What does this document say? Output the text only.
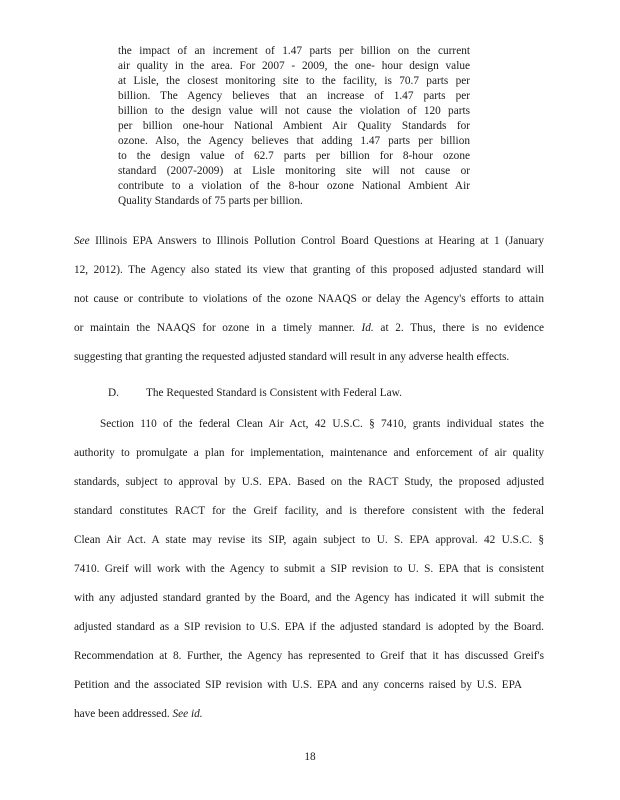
the impact of an increment of 1.47 parts per billion on the current
air quality in the area. For 2007 - 2009, the one- hour design value
at Lisle, the closest monitoring site to the facility, is 70.7 parts per
billion. The Agency believes that an increase of 1.47 parts per
billion to the design value will not cause the violation of 120 parts
per billion one-hour National Ambient Air Quality Standards for
ozone. Also, the Agency believes that adding 1.47 parts per billion
to the design value of 62.7 parts per billion for 8-hour ozone
standard (2007-2009) at Lisle monitoring site will not cause or
contribute to a violation of the 8-hour ozone National Ambient Air
Quality Standards of 75 parts per billion.
See Illinois EPA Answers to Illinois Pollution Control Board Questions at Hearing at 1 (January
12, 2012). The Agency also stated its view that granting of this proposed adjusted standard will
not cause or contribute to violations of the ozone NAAQS or delay the Agency's efforts to attain
or maintain the NAAQS for ozone in a timely manner. Id. at 2. Thus, there is no evidence
suggesting that granting the requested adjusted standard will result in any adverse health effects.
D. The Requested Standard is Consistent with Federal Law.
Section 110 of the federal Clean Air Act, 42 U.S.C. § 7410, grants individual states the
authority to promulgate a plan for implementation, maintenance and enforcement of air quality
standards, subject to approval by U.S. EPA. Based on the RACT Study, the proposed adjusted
standard constitutes RACT for the Greif facility, and is therefore consistent with the federal
Clean Air Act. A state may revise its SIP, again subject to U. S. EPA approval. 42 U.S.C. §
7410. Greif will work with the Agency to submit a SIP revision to U. S. EPA that is consistent
with any adjusted standard granted by the Board, and the Agency has indicated it will submit the
adjusted standard as a SIP revision to U.S. EPA if the adjusted standard is adopted by the Board.
Recommendation at 8. Further, the Agency has represented to Greif that it has discussed Greif's
Petition and the associated SIP revision with U.S. EPA and any concerns raised by U.S. EPA
have been addressed. See id.
18
